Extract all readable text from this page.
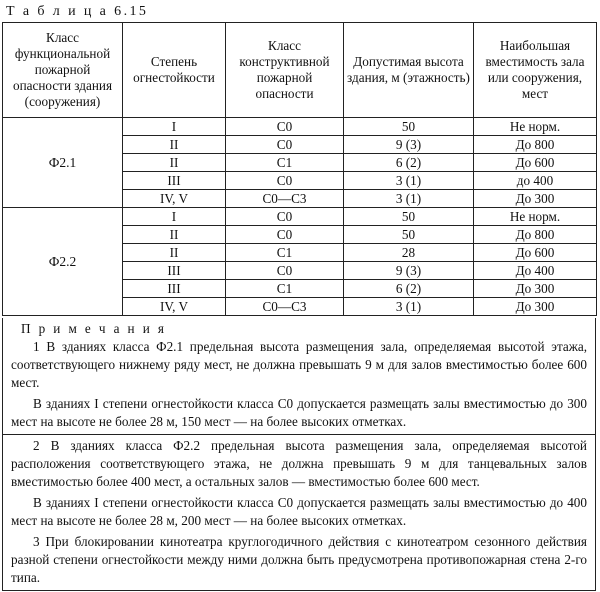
Т а б л и ц а 6.15
Класс функциональной пожарной опасности здания (сооружения)	Степень огнестойкости	Класс конструктивной пожарной опасности	Допустимая высота здания, м (этажность)	Наибольшая вместимость зала или сооружения, мест
Ф2.1	I	С0	50	Не норм.
	II	С0	9 (3)	До 800
	II	С1	6 (2)	До 600
	III	С0	3 (1)	до 400
	IV, V	С0—С3	3 (1)	До 300
Ф2.2	I	С0	50	Не норм.
	II	С0	50	До 800
	II	С1	28	До 600
	III	С0	9 (3)	До 400
	III	С1	6 (2)	До 300
	IV, V	С0—С3	3 (1)	До 300
П р и м е ч а н и я

1 В зданиях класса Ф2.1 предельная высота размещения зала, определяемая высотой этажа, соответствующего нижнему ряду мест, не должна превышать 9 м для залов вместимостью более 600 мест.

В зданиях I степени огнестойкости класса С0 допускается размещать залы вместимостью до 300 мест на высоте не более 28 м, 150 мест — на более высоких отметках.

2 В зданиях класса Ф2.2 предельная высота размещения зала, определяемая высотой расположения соответствующего этажа, не должна превышать 9 м для танцевальных залов вместимостью более 400 мест, а остальных залов — вместимостью более 600 мест.

В зданиях I степени огнестойкости класса С0 допускается размещать залы вместимостью до 400 мест на высоте не более 28 м, 200 мест — на более высоких отметках.

3 При блокировании кинотеатра круглогодичного действия с кинотеатром сезонного действия разной степени огнестойкости между ними должна быть предусмотрена противопожарная стена 2-го типа.
